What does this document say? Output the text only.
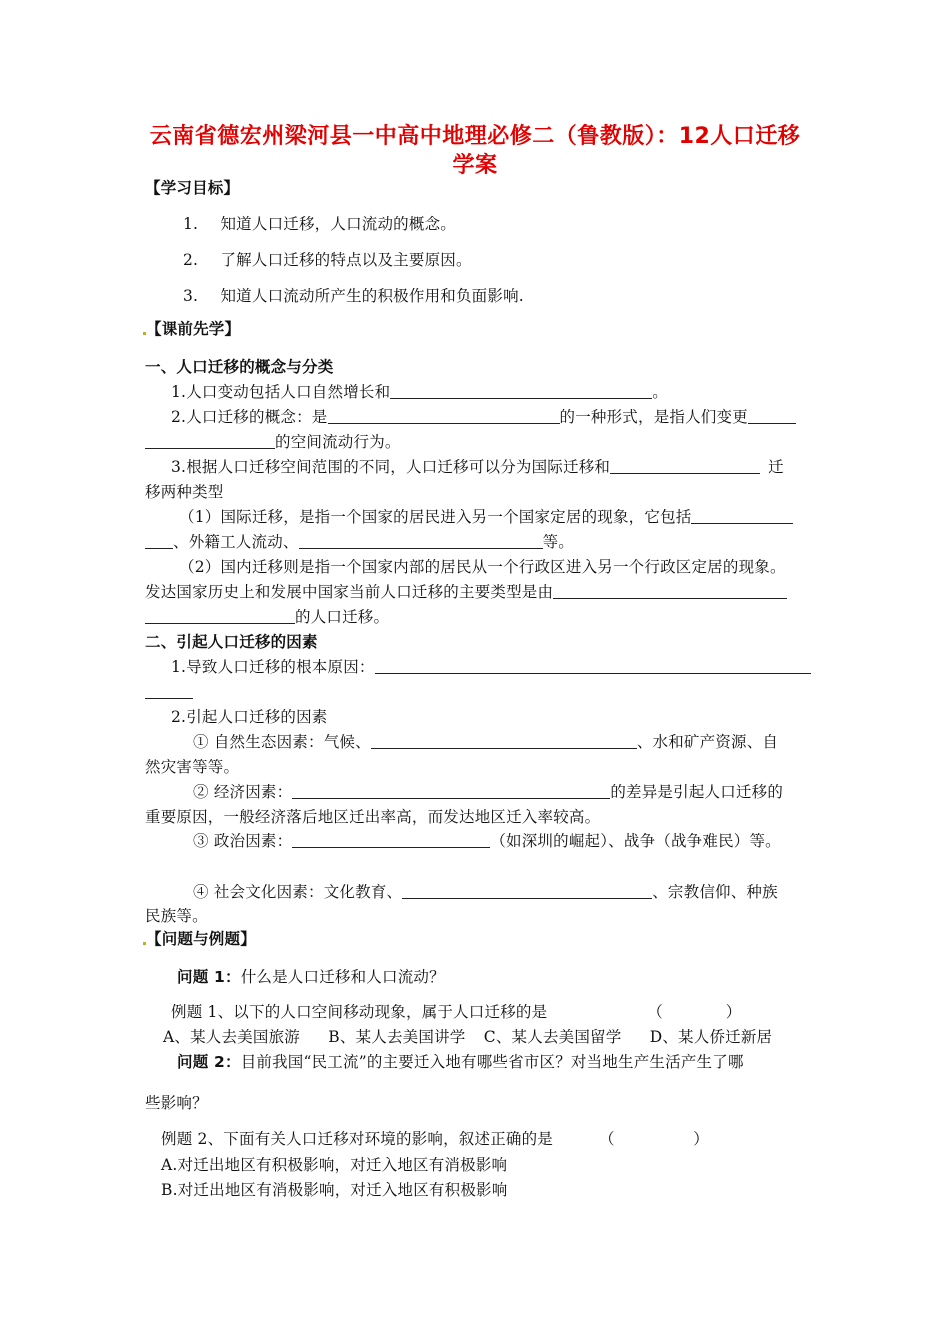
云南省德宏州梁河县一中高中地理必修二（鲁教版）：12人口迁移
学案
【学习目标】
1. 知道人口迁移，人口流动的概念。
2. 了解人口迁移的特点以及主要原因。
3. 知道人口流动所产生的积极作用和负面影响.
【课前先学】
一、人口迁移的概念与分类
1.人口变动包括人口自然增长和	。
2.人口迁移的概念：是	的一种形式，是指人们变更
的空间流动行为。
3.根据人口迁移空间范围的不同，人口迁移可以分为国际迁移和	迁
移两种类型
（1）国际迁移，是指一个国家的居民进入另一个国家定居的现象，它包括
、外籍工人流动、	等。
（2）国内迁移则是指一个国家内部的居民从一个行政区进入另一个行政区定居的现象。
发达国家历史上和发展中国家当前人口迁移的主要类型是由
的人口迁移。
二、引起人口迁移的因素
1.导致人口迁移的根本原因：
2.引起人口迁移的因素
① 自然生态因素：气候、	、水和矿产资源、自
然灾害等等。
② 经济因素：	的差异是引起人口迁移的
重要原因，一般经济落后地区迁出率高，而发达地区迁入率较高。
③ 政治因素：	（如深圳的崛起）、战争（战争难民）等。
④ 社会文化因素：文化教育、	、宗教信仰、种族
民族等。
【问题与例题】
问题 1：什么是人口迁移和人口流动？
例题 1、以下的人口空间移动现象，属于人口迁移的是	（　　　　）
A、某人去美国旅游 B、某人去美国讲学 C、某人去美国留学 D、某人侨迁新居
问题 2：目前我国“民工流”的主要迁入地有哪些省市区？对当地生产生活产生了哪
些影响？
例题 2、下面有关人口迁移对环境的影响，叙述正确的是	（　　　　　）
A.对迁出地区有积极影响，对迁入地区有消极影响
B.对迁出地区有消极影响，对迁入地区有积极影响
